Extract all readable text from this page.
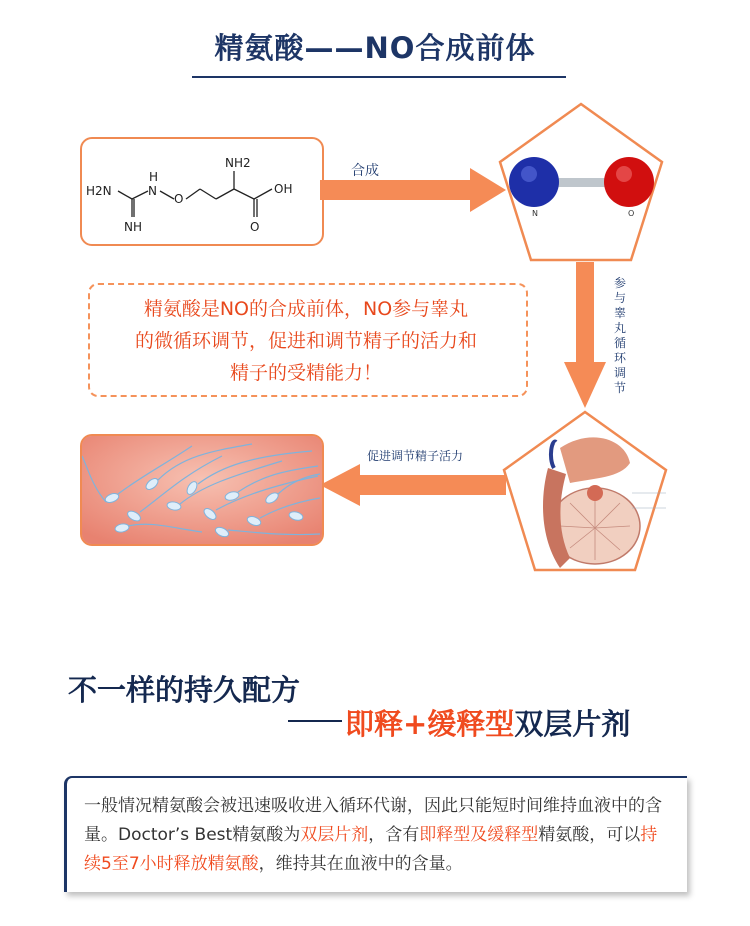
精氨酸——NO合成前体
H2N
H
N
O
NH
NH2
OH
O
合成
N	O
参与睾丸循环调节
精氨酸是NO的合成前体，NO参与睾丸
的微循环调节，促进和调节精子的活力和
精子的受精能力！
促进调节精子活力
不一样的持久配方
即释+缓释型双层片剂
一般情况精氨酸会被迅速吸收进入循环代谢，因此只能短时间维持血液中的含量。Doctor’s Best精氨酸为双层片剂，含有即释型及缓释型精氨酸，可以持续5至7小时释放精氨酸，维持其在血液中的含量。
